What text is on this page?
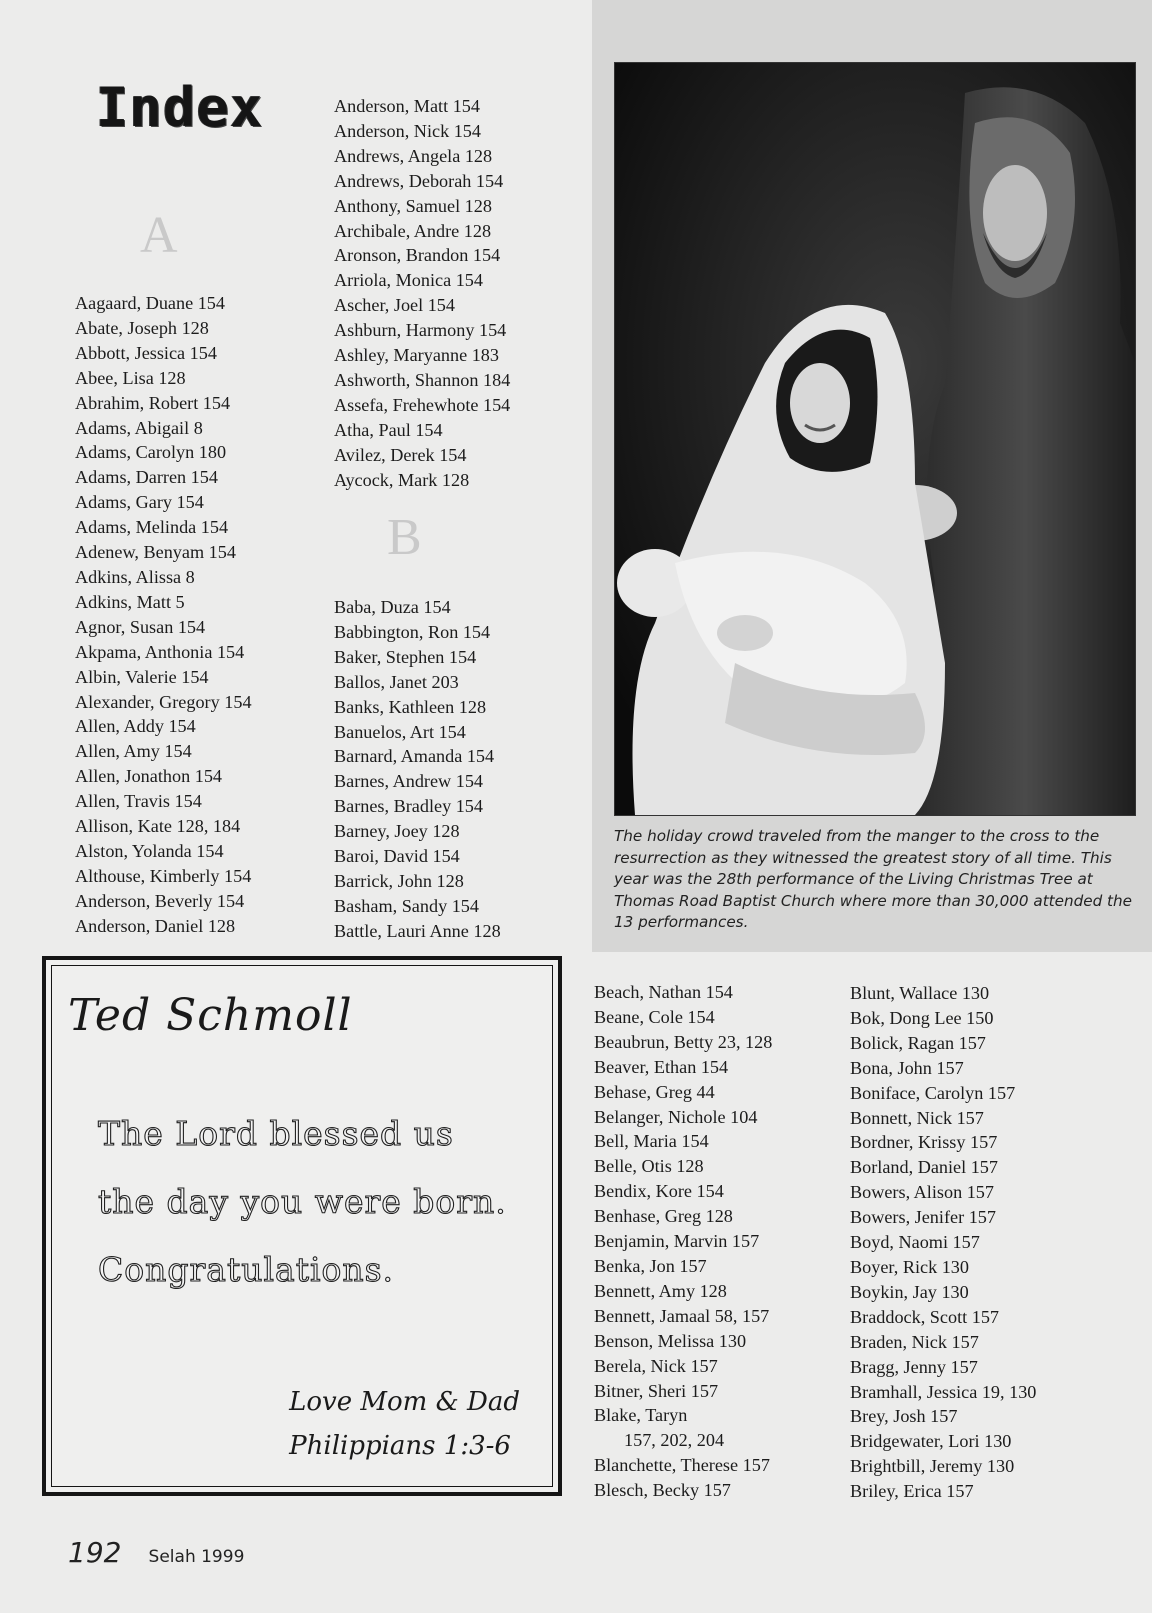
Index
A
Aagaard, Duane 154
Abate, Joseph 128
Abbott, Jessica 154
Abee, Lisa 128
Abrahim, Robert 154
Adams, Abigail 8
Adams, Carolyn 180
Adams, Darren 154
Adams, Gary 154
Adams, Melinda 154
Adenew, Benyam 154
Adkins, Alissa 8
Adkins, Matt 5
Agnor, Susan 154
Akpama, Anthonia 154
Albin, Valerie 154
Alexander, Gregory 154
Allen, Addy 154
Allen, Amy 154
Allen, Jonathon 154
Allen, Travis 154
Allison, Kate 128, 184
Alston, Yolanda 154
Althouse, Kimberly 154
Anderson, Beverly 154
Anderson, Daniel 128
Anderson, Matt 154
Anderson, Nick 154
Andrews, Angela 128
Andrews, Deborah 154
Anthony, Samuel 128
Archibale, Andre 128
Aronson, Brandon 154
Arriola, Monica 154
Ascher, Joel 154
Ashburn, Harmony 154
Ashley, Maryanne 183
Ashworth, Shannon 184
Assefa, Frehewhote 154
Atha, Paul 154
Avilez, Derek 154
Aycock, Mark 128
B
Baba, Duza 154
Babbington, Ron 154
Baker, Stephen 154
Ballos, Janet 203
Banks, Kathleen 128
Banuelos, Art 154
Barnard, Amanda 154
Barnes, Andrew 154
Barnes, Bradley 154
Barney, Joey 128
Baroi, David 154
Barrick, John 128
Basham, Sandy 154
Battle, Lauri Anne 128
The holiday crowd traveled from the manger to the cross to the resurrection as they witnessed the greatest story of all time. This year was the 28th performance of the Living Christmas Tree at Thomas Road Baptist Church where more than 30,000 attended the 13 performances.
Ted Schmoll
The Lord blessed us
the day you were born.
Congratulations.
Love Mom & Dad
Philippians 1:3-6
Beach, Nathan 154
Beane, Cole 154
Beaubrun, Betty 23, 128
Beaver, Ethan 154
Behase, Greg 44
Belanger, Nichole 104
Bell, Maria 154
Belle, Otis 128
Bendix, Kore 154
Benhase, Greg 128
Benjamin, Marvin 157
Benka, Jon 157
Bennett, Amy 128
Bennett, Jamaal 58, 157
Benson, Melissa 130
Berela, Nick 157
Bitner, Sheri 157
Blake, Taryn
157, 202, 204
Blanchette, Therese 157
Blesch, Becky 157
Blunt, Wallace 130
Bok, Dong Lee 150
Bolick, Ragan 157
Bona, John 157
Boniface, Carolyn 157
Bonnett, Nick 157
Bordner, Krissy 157
Borland, Daniel 157
Bowers, Alison 157
Bowers, Jenifer 157
Boyd, Naomi 157
Boyer, Rick 130
Boykin, Jay 130
Braddock, Scott 157
Braden, Nick 157
Bragg, Jenny 157
Bramhall, Jessica 19, 130
Brey, Josh 157
Bridgewater, Lori 130
Brightbill, Jeremy 130
Briley, Erica 157
192 Selah 1999
